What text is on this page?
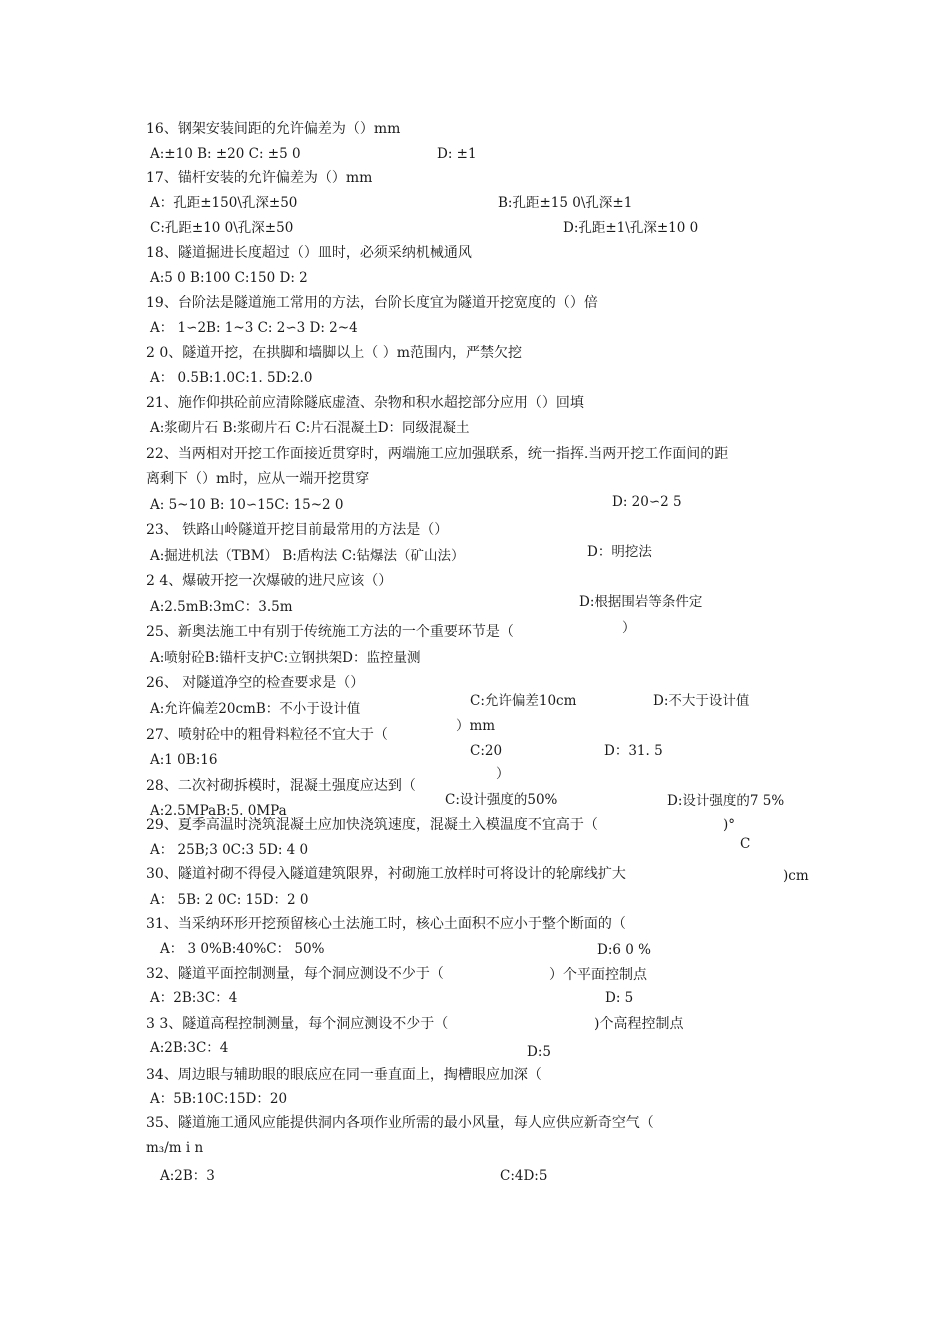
16、钢架安装间距的允许偏差为（）mm
A:±10 B: ±20 C: ±5 0	D: ±1
17、锚杆安装的允许偏差为（）mm
A：孔距±150\孔深±50	B:孔距±15 0\孔深±1
C:孔距±10 0\孔深±50	D:孔距±1\孔深±10 0
18、隧道掘进长度超过（）皿时，必须采纳机械通风
A:5 0 B:100 C:150 D: 2
19、台阶法是隧道施工常用的方法，台阶长度宜为隧道开挖宽度的（）倍
A： 1∽2B: 1~3 C: 2∽3 D: 2~4
2 0、隧道开挖，在拱脚和墙脚以上（ ）m范围内，严禁欠挖
A： 0.5B:1.0C:1. 5D:2.0
21、施作仰拱砼前应清除隧底虚渣、杂物和积水超挖部分应用（）回填
A:浆砌片石 B:浆砌片石 C:片石混凝土D：同级混凝土
22、当两相对开挖工作面接近贯穿时，两端施工应加强联系，统一指挥.当两开挖工作面间的距
离剩下（）m时，应从一端开挖贯穿
A: 5~10 B: 10∽15C: 15~2 0	D: 20∽2 5
23、 铁路山岭隧道开挖目前最常用的方法是（）
A:掘进机法（TBM） B:盾构法 C:钻爆法（矿山法）	D：明挖法
2 4、爆破开挖一次爆破的进尺应该（）
A:2.5mB:3mC：3.5m	D:根据围岩等条件定
25、新奥法施工中有别于传统施工方法的一个重要环节是（	）
A:喷射砼B:锚杆支护C:立钢拱架D：监控量测
26、 对隧道净空的检查要求是（）
C:允许偏差10cm	D:不大于设计值
A:允许偏差20cmB：不小于设计值
）mm
27、喷射砼中的粗骨料粒径不宜大于（
C:20	D：31. 5
A:1 0B:16
）
28、二次衬砌拆模时，混凝土强度应达到（
C:设计强度的50%	D:设计强度的7 5%
A:2.5MPaB:5. 0MPa
29、夏季高温时浇筑混凝土应加快浇筑速度，混凝土入模温度不宜高于（	)°
C
A： 25B;3 0C:3 5D: 4 0
30、隧道衬砌不得侵入隧道建筑限界，衬砌施工放样时可将设计的轮廓线扩大	)cm
A： 5B: 2 0C: 15D：2 0
31、当采纳环形开挖预留核心土法施工时，核心土面积不应小于整个断面的（
A： 3 0%B:40%C： 50%	D:6 0 %
32、隧道平面控制测量，每个洞应测设不少于（	）个平面控制点
A：2B:3C：4	D: 5
3 3、隧道高程控制测量，每个洞应测设不少于（	)个高程控制点
A:2B:3C：4	D:5
34、周边眼与辅助眼的眼底应在同一垂直面上，掏槽眼应加深（
A：5B:10C:15D：20
35、隧道施工通风应能提供洞内各项作业所需的最小风量，每人应供应新奇空气（
m₃/m i n
A:2B：3	C:4D:5
